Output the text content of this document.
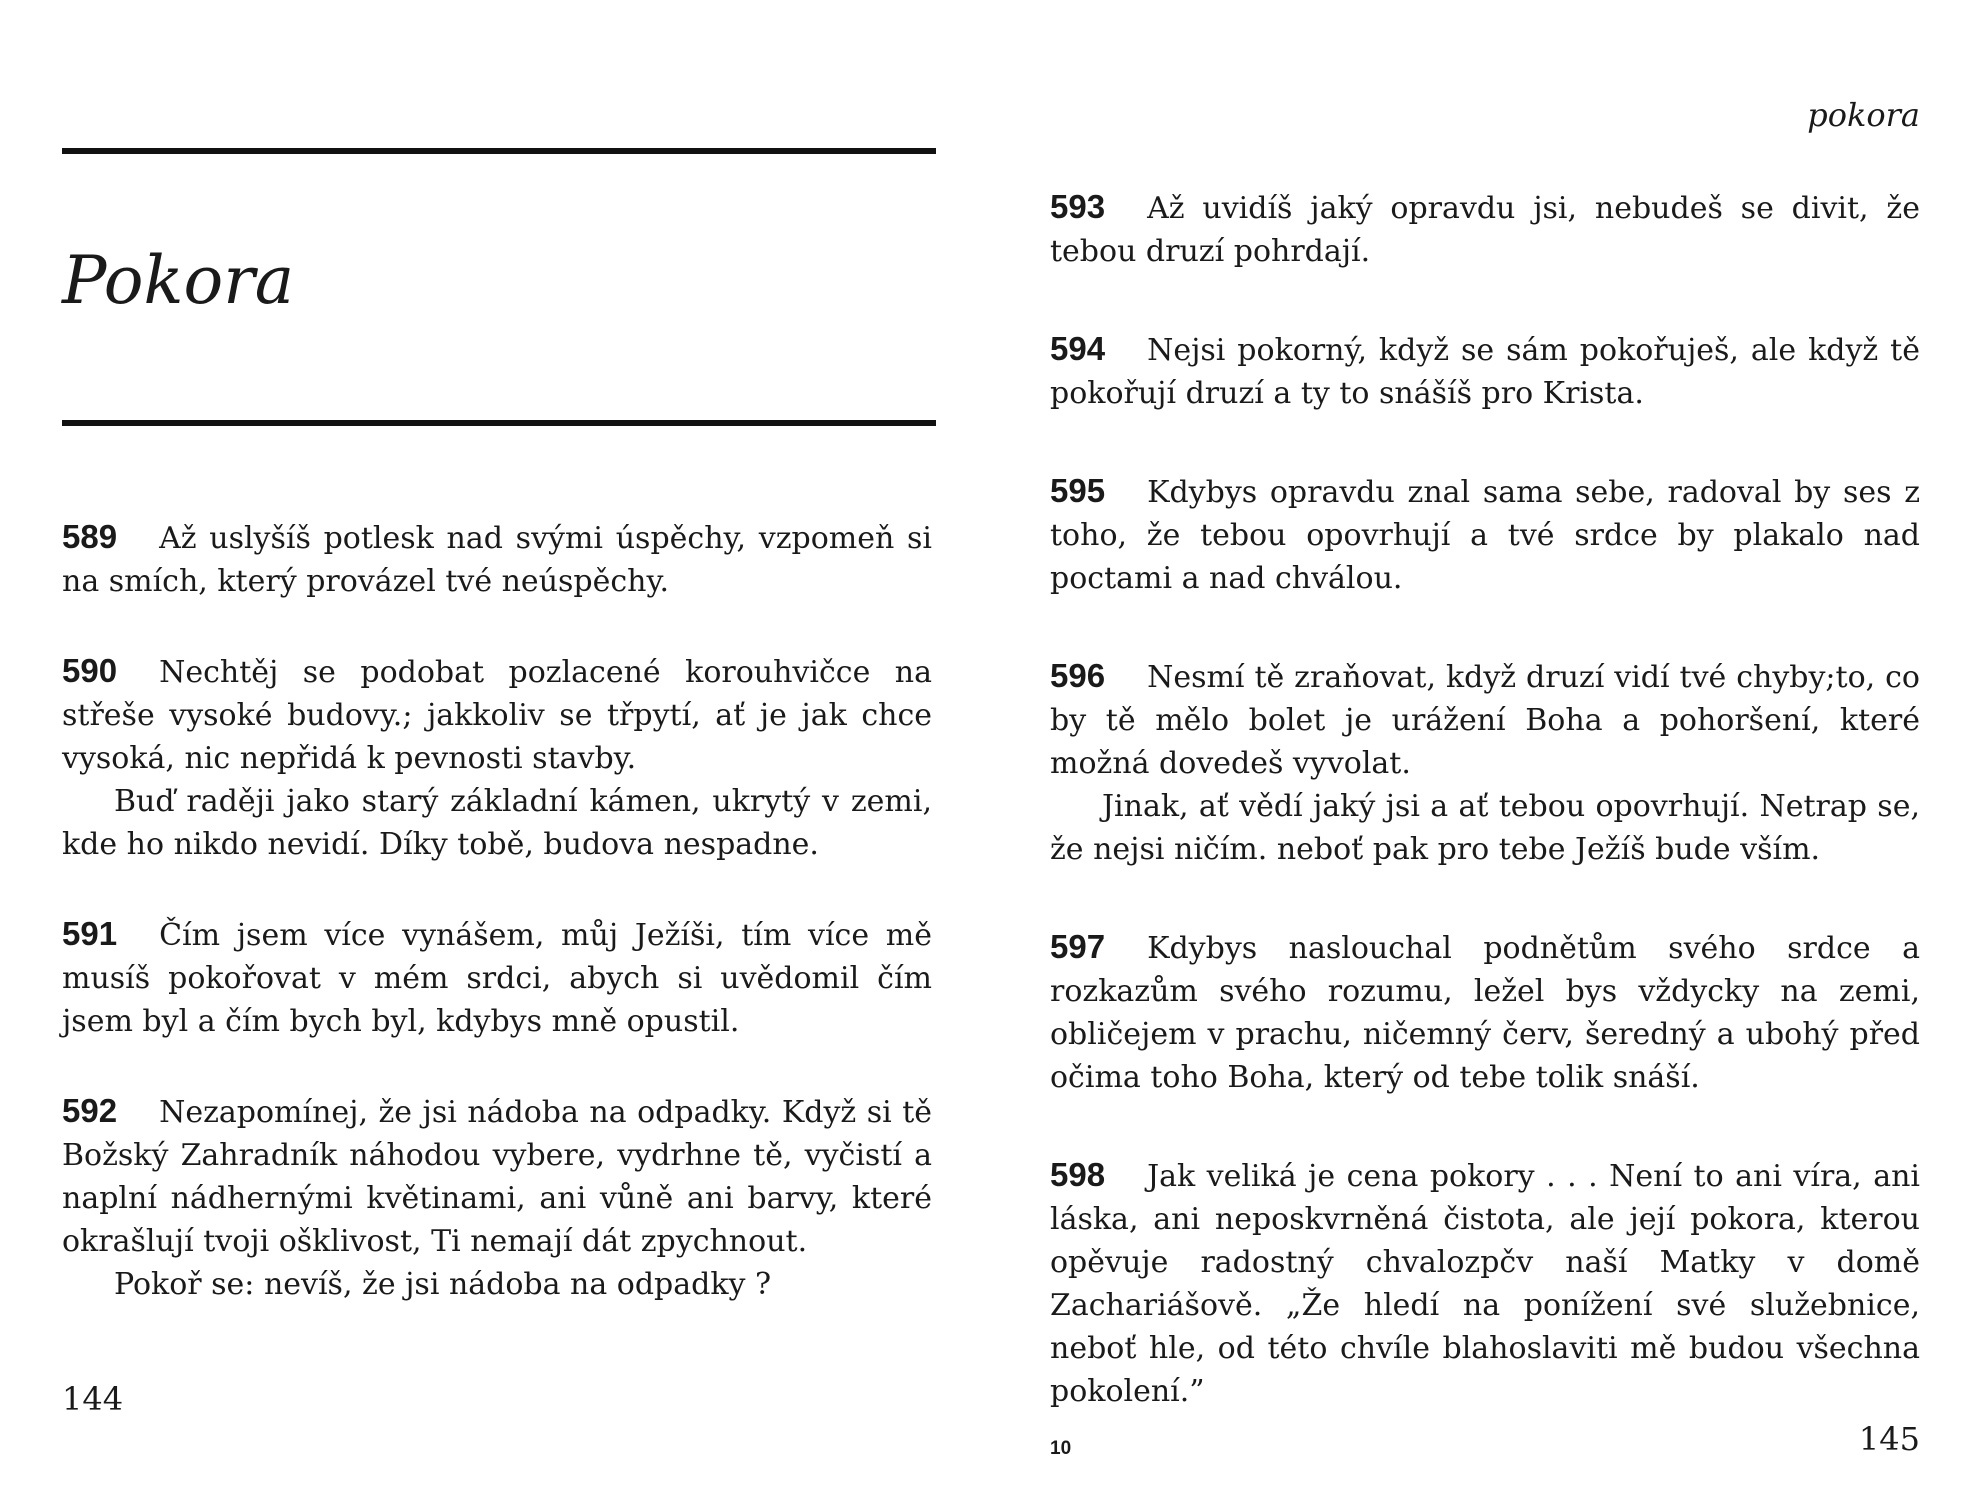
Pokora

589 Až uslyšíš potlesk nad svými úspěchy, vzpomeň si na smích, který provázel tvé neúspěchy.

590 Nechtěj se podobat pozlacené korouhvičce na střeše vysoké budovy.; jakkoliv se třpytí, ať je jak chce vysoká, nic nepřidá k pevnosti stavby.

Buď raději jako starý základní kámen, ukrytý v zemi, kde ho nikdo nevidí. Díky tobě, budova nespadne.

591 Čím jsem více vynášem, můj Ježíši, tím více mě musíš pokořovat v mém srdci, abych si uvědomil čím jsem byl a čím bych byl, kdybys mně opustil.

592 Nezapomínej, že jsi nádoba na odpadky. Když si tě Božský Zahradník náhodou vybere, vydrhne tě, vyčistí a naplní nádhernými květinami, ani vůně ani barvy, které okrašlují tvoji ošklivost, Ti nemají dát zpychnout.

Pokoř se: nevíš, že jsi nádoba na odpadky ?

144
pokora

593 Až uvidíš jaký opravdu jsi, nebudeš se divit, že tebou druzí pohrdají.

594 Nejsi pokorný, když se sám pokořuješ, ale když tě pokořují druzí a ty to snášíš pro Krista.

595 Kdybys opravdu znal sama sebe, radoval by ses z toho, že tebou opovrhují a tvé srdce by plakalo nad poctami a nad chválou.

596 Nesmí tě zraňovat, když druzí vidí tvé chyby;to, co by tě mělo bolet je urážení Boha a pohoršení, které možná dovedeš vyvolat.

Jinak, ať vědí jaký jsi a ať tebou opovrhují. Netrap se, že nejsi ničím. neboť pak pro tebe Ježíš bude vším.

597 Kdybys naslouchal podnětům svého srdce a rozkazům svého rozumu, ležel bys vždycky na zemi, obličejem v prachu, ničemný červ, šeredný a ubohý před očima toho Boha, který od tebe tolik snáší.

598 Jak veliká je cena pokory . . . Není to ani víra, ani láska, ani neposkvrněná čistota, ale její pokora, kterou opěvuje radostný chvalozpčv naší Matky v domě Zachariášově. „Že hledí na ponížení své služebnice, neboť hle, od této chvíle blahoslaviti mě budou všechna pokolení.”

10	145
